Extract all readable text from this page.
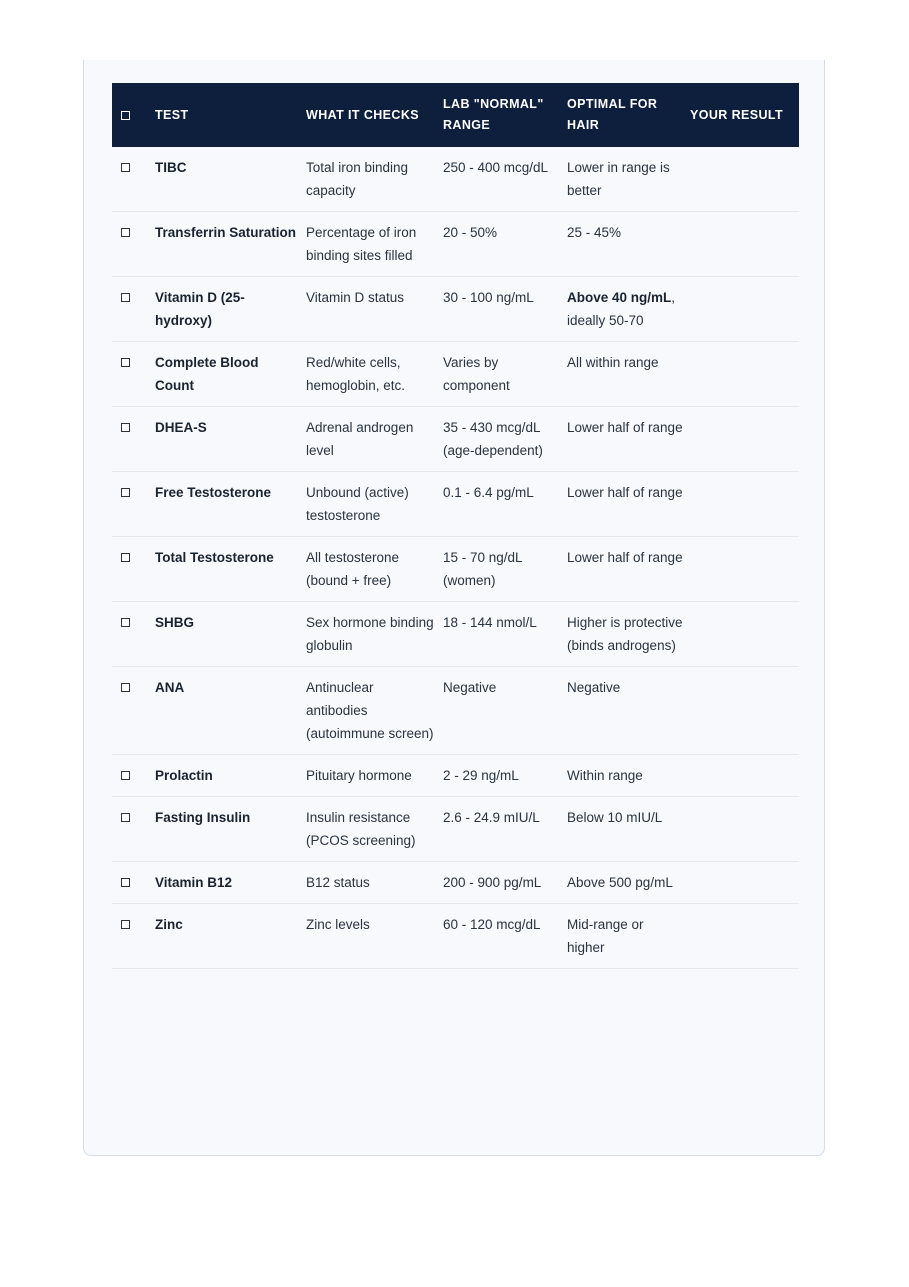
	TEST	WHAT IT CHECKS	LAB "NORMAL" RANGE	OPTIMAL FOR HAIR	YOUR RESULT
	TIBC	Total iron binding capacity	250 - 400 mcg/dL	Lower in range is better	
	Transferrin Saturation	Percentage of iron binding sites filled	20 - 50%	25 - 45%	
	Vitamin D (25-hydroxy)	Vitamin D status	30 - 100 ng/mL	Above 40 ng/mL, ideally 50-70	
	Complete Blood Count	Red/white cells, hemoglobin, etc.	Varies by component	All within range	
	DHEA-S	Adrenal androgen level	35 - 430 mcg/dL (age-dependent)	Lower half of range	
	Free Testosterone	Unbound (active) testosterone	0.1 - 6.4 pg/mL	Lower half of range	
	Total Testosterone	All testosterone (bound + free)	15 - 70 ng/dL (women)	Lower half of range	
	SHBG	Sex hormone binding globulin	18 - 144 nmol/L	Higher is protective (binds androgens)	
	ANA	Antinuclear antibodies (autoimmune screen)	Negative	Negative	
	Prolactin	Pituitary hormone	2 - 29 ng/mL	Within range	
	Fasting Insulin	Insulin resistance (PCOS screening)	2.6 - 24.9 mIU/L	Below 10 mIU/L	
	Vitamin B12	B12 status	200 - 900 pg/mL	Above 500 pg/mL	
	Zinc	Zinc levels	60 - 120 mcg/dL	Mid-range or higher	
